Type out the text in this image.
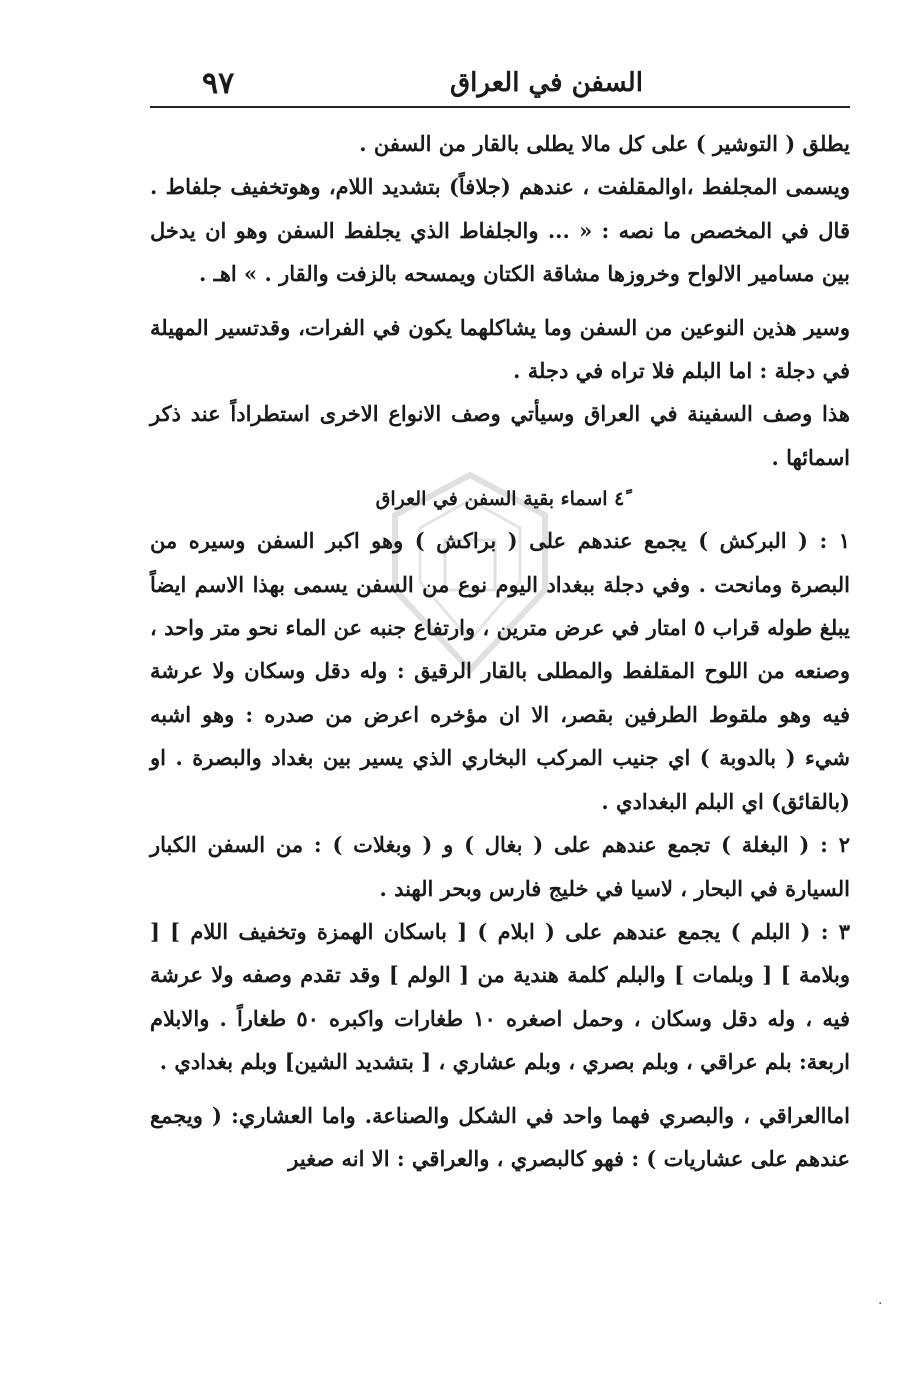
٩٧	السفن في العراق

يطلق ( التوشير ) على كل مالا يطلى بالقار من السفن .

ويسمى المجلفط ،اوالمقلفت ، عندهم (جلافاً) بتشديد اللام، وهوتخفيف جلفاط . قال في المخصص ما نصه : « ... والجلفاط الذي يجلفط السفن وهو ان يدخل بين مسامير الالواح وخروزها مشاقة الكتان ويمسحه بالزفت والقار . » اهـ .

وسير هذين النوعين من السفن وما يشاكلهما يكون في الفرات، وقدتسير المهيلة في دجلة : اما البلم فلا تراه في دجلة .

هذا وصف السفينة في العراق وسيأتي وصف الانواع الاخرى استطراداً عند ذكر اسمائها .

٤ً اسماء بقية السفن في العراق

١ : ( البركش ) يجمع عندهم على ( براكش ) وهو اكبر السفن وسيره من البصرة ومانحت . وفي دجلة ببغداد اليوم نوع من السفن يسمى بهذا الاسم ايضاً يبلغ طوله قراب ٥ امتار في عرض مترين ، وارتفاع جنبه عن الماء نحو متر واحد ، وصنعه من اللوح المقلفط والمطلى بالقار الرقيق : وله دقل وسكان ولا عرشة فيه وهو ملقوط الطرفين بقصر، الا ان مؤخره اعرض من صدره : وهو اشبه شيء ( بالدوبة ) اي جنيب المركب البخاري الذي يسير بين بغداد والبصرة . او (بالقائق) اي البلم البغدادي .

٢ : ( البغلة ) تجمع عندهم على ( بغال ) و ( وبغلات ) : من السفن الكبار السيارة في البحار ، لاسيا في خليج فارس وبحر الهند .

٣ : ( البلم ) يجمع عندهم على ( ابلام ) [ باسكان الهمزة وتخفيف اللام ] [ وبلامة ] [ وبلمات ] والبلم كلمة هندية من [ الولم ] وقد تقدم وصفه ولا عرشة فيه ، وله دقل وسكان ، وحمل اصغره ١٠ طغارات واكبره ٥٠ طغاراً . والابلام اربعة: بلم عراقي ، وبلم بصري ، وبلم عشاري ، [ بتشديد الشين] وبلم بغدادي .

اماالعراقي ، والبصري فهما واحد في الشكل والصناعة. واما العشاري: ( ويجمع عندهم على عشاريات ) : فهو كالبصري ، والعراقي : الا انه صغير

·
